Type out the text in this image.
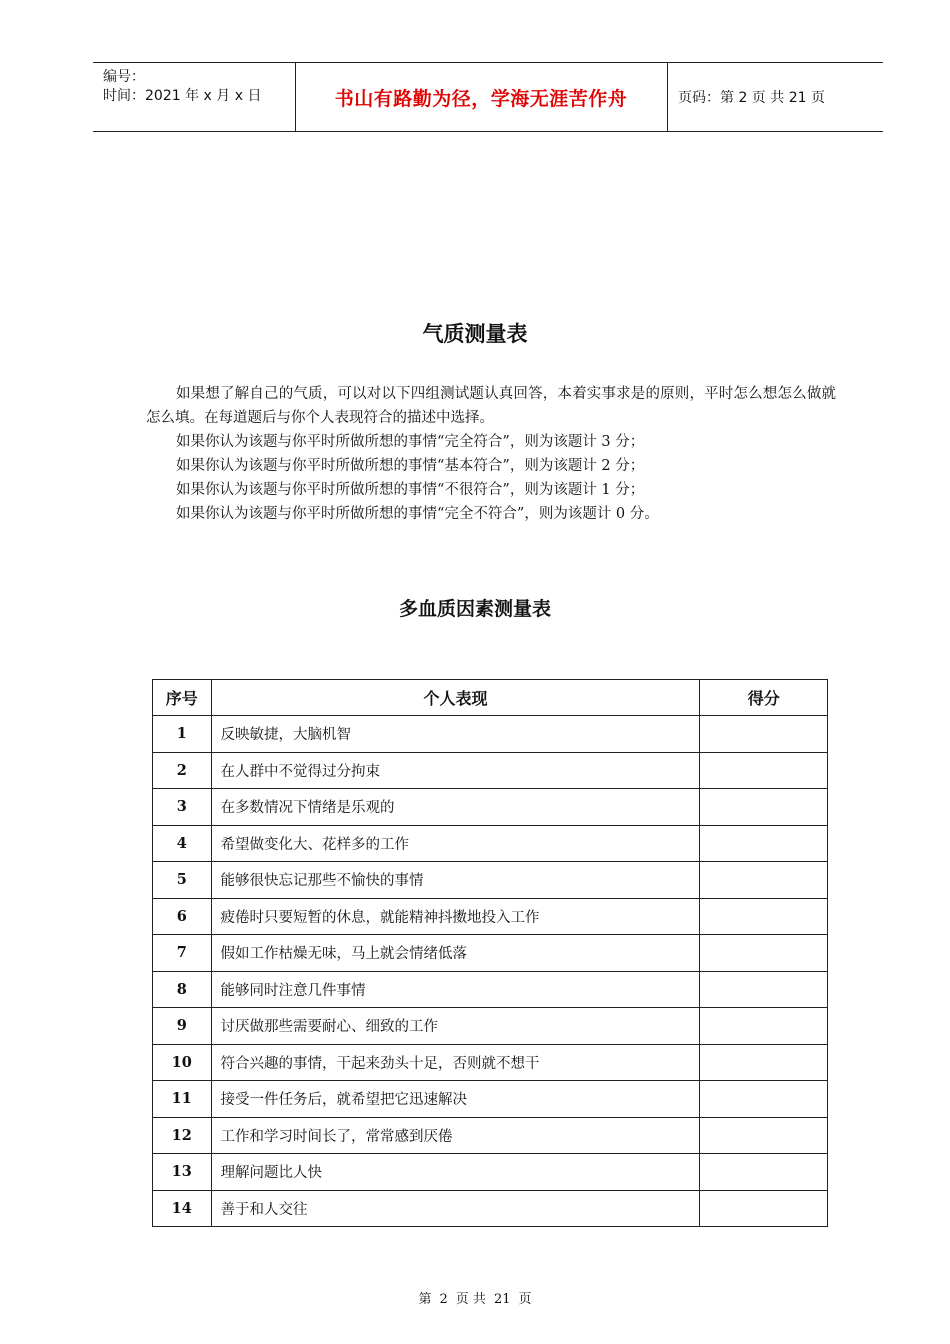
编号：
时间：2021 年 x 月 x 日	书山有路勤为径，学海无涯苦作舟	页码：第 2 页 共 21 页
气质测量表

如果想了解自己的气质，可以对以下四组测试题认真回答，本着实事求是的原则，平时怎么想怎么做就怎么填。在每道题后与你个人表现符合的描述中选择。

如果你认为该题与你平时所做所想的事情“完全符合”，则为该题计 3 分；

如果你认为该题与你平时所做所想的事情“基本符合”，则为该题计 2 分；

如果你认为该题与你平时所做所想的事情“不很符合”，则为该题计 1 分；

如果你认为该题与你平时所做所想的事情“完全不符合”，则为该题计 0 分。

多血质因素测量表
序号	个人表现	得分
1	反映敏捷，大脑机智	
2	在人群中不觉得过分拘束	
3	在多数情况下情绪是乐观的	
4	希望做变化大、花样多的工作	
5	能够很快忘记那些不愉快的事情	
6	疲倦时只要短暂的休息，就能精神抖擞地投入工作	
7	假如工作枯燥无味，马上就会情绪低落	
8	能够同时注意几件事情	
9	讨厌做那些需要耐心、细致的工作	
10	符合兴趣的事情，干起来劲头十足，否则就不想干	
11	接受一件任务后，就希望把它迅速解决	
12	工作和学习时间长了，常常感到厌倦	
13	理解问题比人快	
14	善于和人交往	
第 2 页 共 21 页
